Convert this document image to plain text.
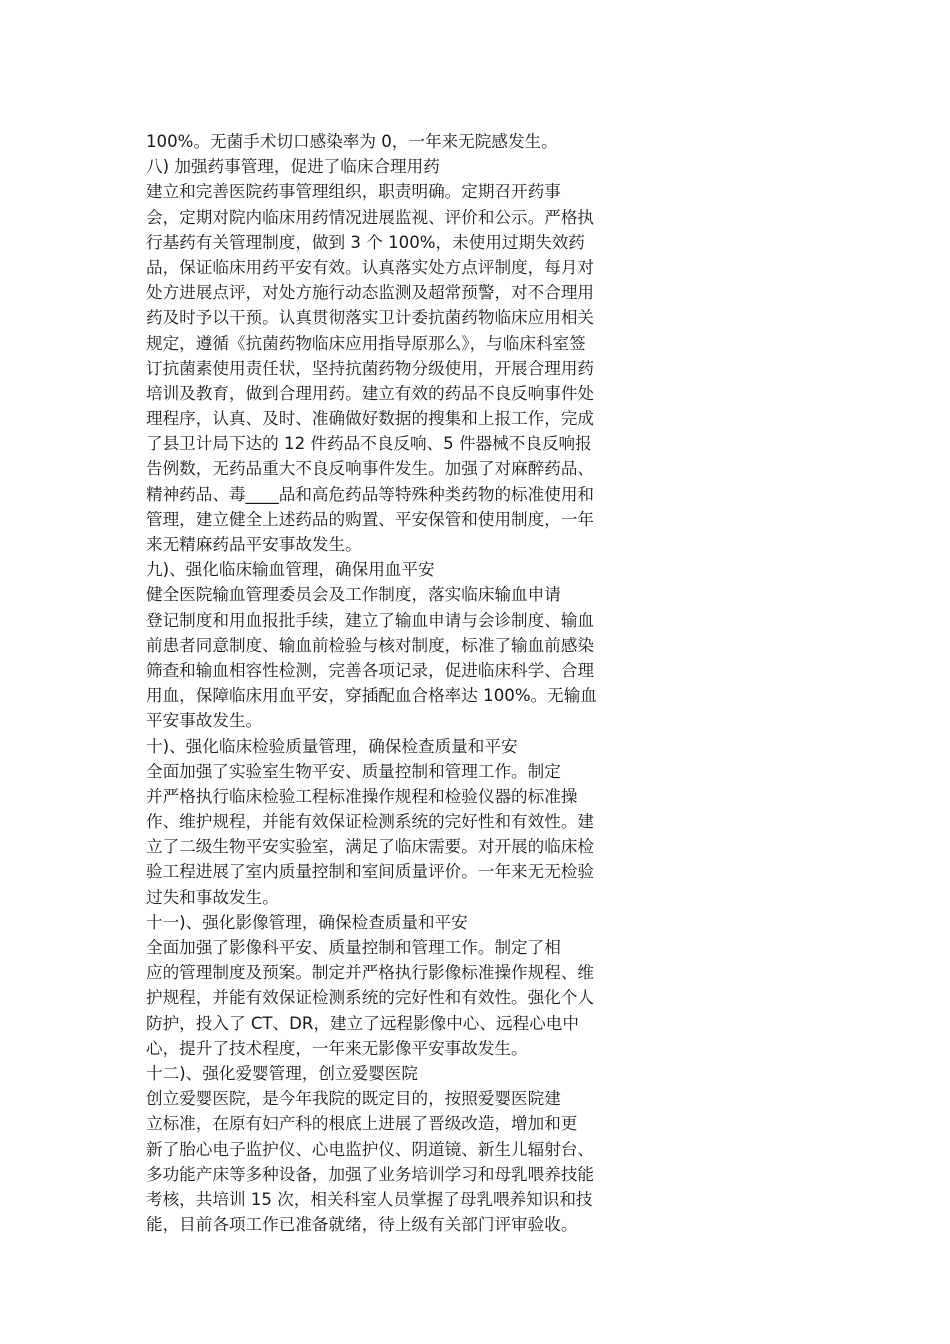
100%。无菌手术切口感染率为 0，一年来无院感发生。
八) 加强药事管理，促进了临床合理用药
建立和完善医院药事管理组织，职责明确。定期召开药事
会，定期对院内临床用药情况进展监视、评价和公示。严格执
行基药有关管理制度，做到 3 个 100%，未使用过期失效药
品，保证临床用药平安有效。认真落实处方点评制度，每月对
处方进展点评，对处方施行动态监测及超常预警，对不合理用
药及时予以干预。认真贯彻落实卫计委抗菌药物临床应用相关
规定，遵循《抗菌药物临床应用指导原那么》，与临床科室签
订抗菌素使用责任状，坚持抗菌药物分级使用，开展合理用药
培训及教育，做到合理用药。建立有效的药品不良反响事件处
理程序，认真、及时、准确做好数据的搜集和上报工作，完成
了县卫计局下达的 12 件药品不良反响、5 件器械不良反响报
告例数，无药品重大不良反响事件发生。加强了对麻醉药品、
精神药品、毒____品和高危药品等特殊种类药物的标准使用和
管理，建立健全上述药品的购置、平安保管和使用制度，一年
来无精麻药品平安事故发生。
九)、强化临床输血管理，确保用血平安
健全医院输血管理委员会及工作制度，落实临床输血申请
登记制度和用血报批手续，建立了输血申请与会诊制度、输血
前患者同意制度、输血前检验与核对制度，标准了输血前感染
筛查和输血相容性检测，完善各项记录，促进临床科学、合理
用血，保障临床用血平安，穿插配血合格率达 100%。无输血
平安事故发生。
十)、强化临床检验质量管理，确保检查质量和平安
全面加强了实验室生物平安、质量控制和管理工作。制定
并严格执行临床检验工程标准操作规程和检验仪器的标准操
作、维护规程，并能有效保证检测系统的完好性和有效性。建
立了二级生物平安实验室，满足了临床需要。对开展的临床检
验工程进展了室内质量控制和室间质量评价。一年来无无检验
过失和事故发生。
十一)、强化影像管理，确保检查质量和平安
全面加强了影像科平安、质量控制和管理工作。制定了相
应的管理制度及预案。制定并严格执行影像标准操作规程、维
护规程，并能有效保证检测系统的完好性和有效性。强化个人
防护，投入了 CT、DR，建立了远程影像中心、远程心电中
心，提升了技术程度，一年来无影像平安事故发生。
十二)、强化爱婴管理，创立爱婴医院
创立爱婴医院，是今年我院的既定目的，按照爱婴医院建
立标准，在原有妇产科的根底上进展了晋级改造，增加和更
新了胎心电子监护仪、心电监护仪、阴道镜、新生儿辐射台、
多功能产床等多种设备，加强了业务培训学习和母乳喂养技能
考核，共培训 15 次，相关科室人员掌握了母乳喂养知识和技
能，目前各项工作已准备就绪，待上级有关部门评审验收。
